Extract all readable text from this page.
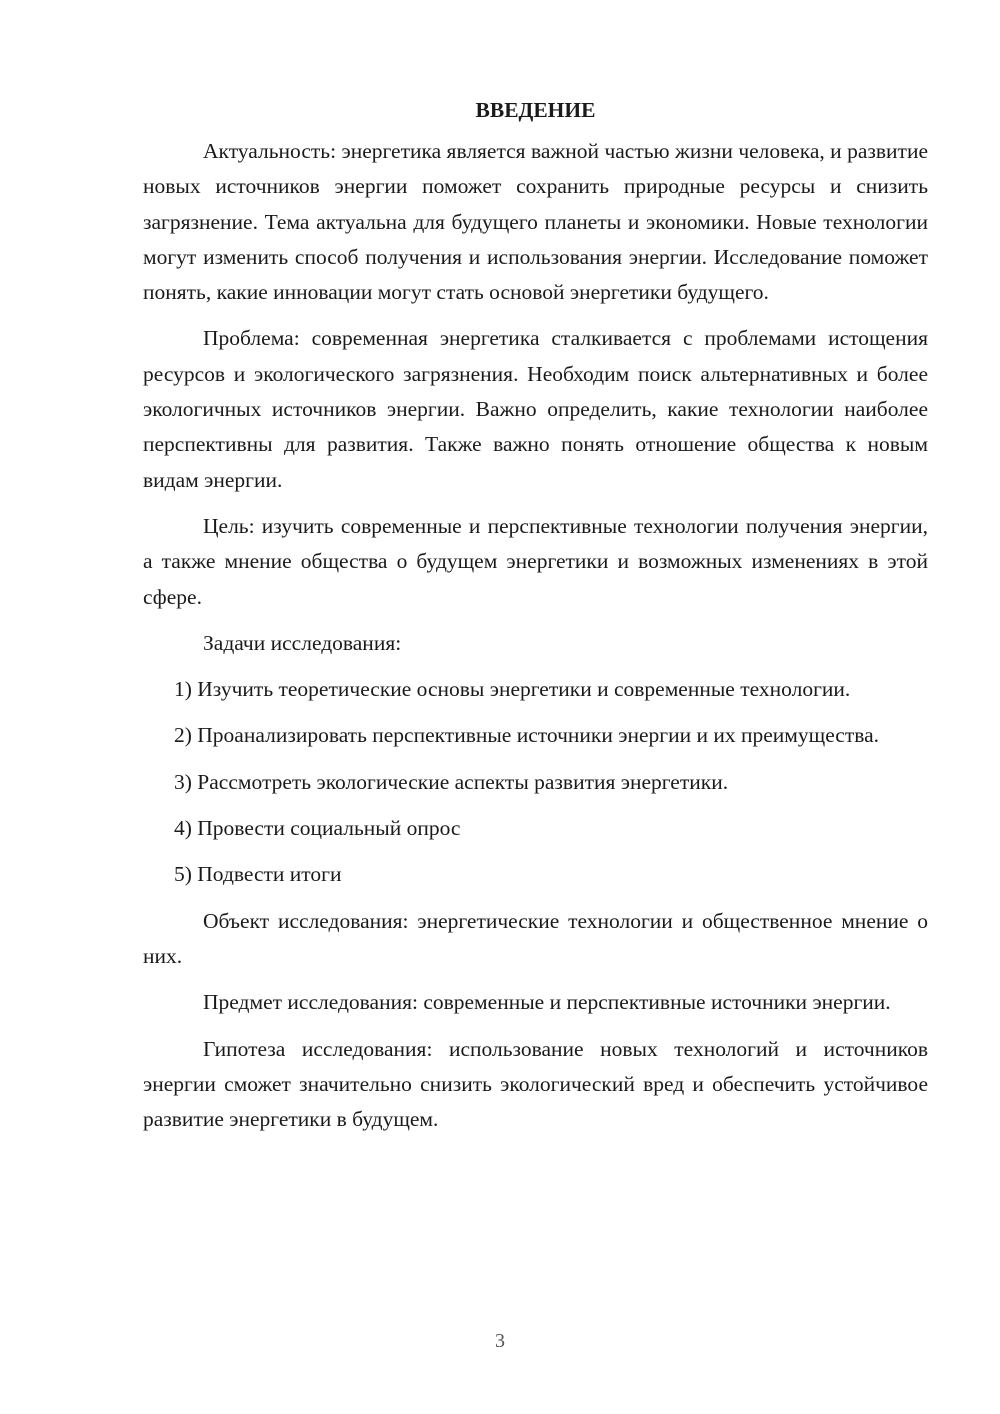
ВВЕДЕНИЕ

Актуальность: энергетика является важной частью жизни человека, и развитие новых источников энергии поможет сохранить природные ресурсы и снизить загрязнение. Тема актуальна для будущего планеты и экономики. Новые технологии могут изменить способ получения и использования энергии. Исследование поможет понять, какие инновации могут стать основой энергетики будущего.

Проблема: современная энергетика сталкивается с проблемами истощения ресурсов и экологического загрязнения. Необходим поиск альтернативных и более экологичных источников энергии. Важно определить, какие технологии наиболее перспективны для развития. Также важно понять отношение общества к новым видам энергии.

Цель: изучить современные и перспективные технологии получения энергии, а также мнение общества о будущем энергетики и возможных изменениях в этой сфере.

Задачи исследования:

1) Изучить теоретические основы энергетики и современные технологии.

2) Проанализировать перспективные источники энергии и их преимущества.

3) Рассмотреть экологические аспекты развития энергетики.

4) Провести социальный опрос

5) Подвести итоги

Объект исследования: энергетические технологии и общественное мнение о них.

Предмет исследования: современные и перспективные источники энергии.

Гипотеза исследования: использование новых технологий и источников энергии сможет значительно снизить экологический вред и обеспечить устойчивое развитие энергетики в будущем.

3
